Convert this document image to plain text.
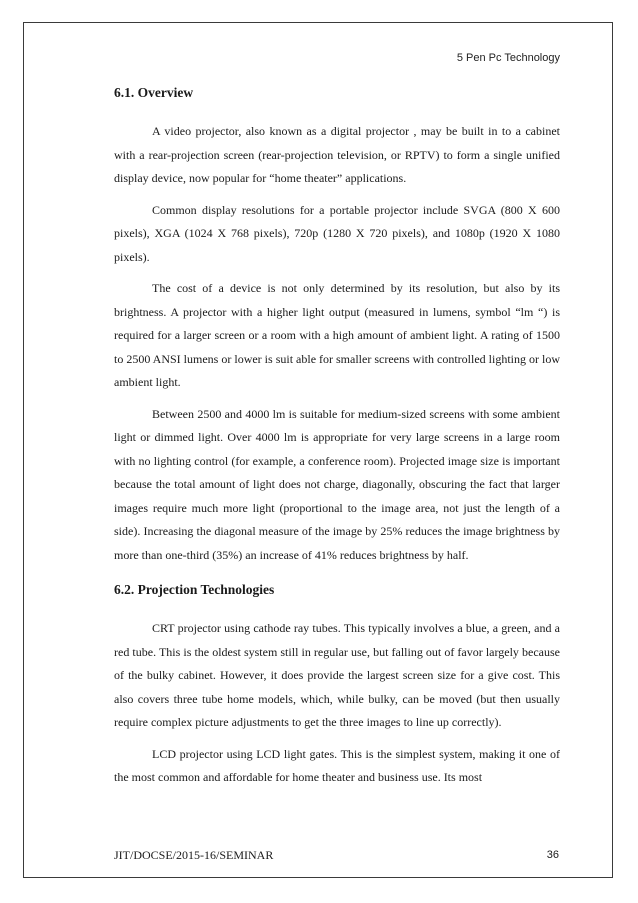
5 Pen Pc Technology
6.1. Overview

A video projector, also known as a digital projector , may be built in to a cabinet with a rear-projection screen (rear-projection television, or RPTV) to form a single unified display device, now popular for “home theater” applications.

Common display resolutions for a portable projector include SVGA (800 X 600 pixels), XGA (1024 X 768 pixels), 720p (1280 X 720 pixels), and 1080p (1920 X 1080 pixels).

The cost of a device is not only determined by its resolution, but also by its brightness. A projector with a higher light output (measured in lumens, symbol “lm “) is required for a larger screen or a room with a high amount of ambient light. A rating of 1500 to 2500 ANSI lumens or lower is suit able for smaller screens with controlled lighting or low ambient light.

Between 2500 and 4000 lm is suitable for medium-sized screens with some ambient light or dimmed light. Over 4000 lm is appropriate for very large screens in a large room with no lighting control (for example, a conference room). Projected image size is important because the total amount of light does not charge, diagonally, obscuring the fact that larger images require much more light (proportional to the image area, not just the length of a side). Increasing the diagonal measure of the image by 25% reduces the image brightness by more than one-third (35%) an increase of 41% reduces brightness by half.

6.2. Projection Technologies

CRT projector using cathode ray tubes. This typically involves a blue, a green, and a red tube. This is the oldest system still in regular use, but falling out of favor largely because of the bulky cabinet. However, it does provide the largest screen size for a give cost. This also covers three tube home models, which, while bulky, can be moved (but then usually require complex picture adjustments to get the three images to line up correctly).

LCD projector using LCD light gates. This is the simplest system, making it one of the most common and affordable for home theater and business use. Its most

JIT/DOCSE/2015-16/SEMINAR	36
